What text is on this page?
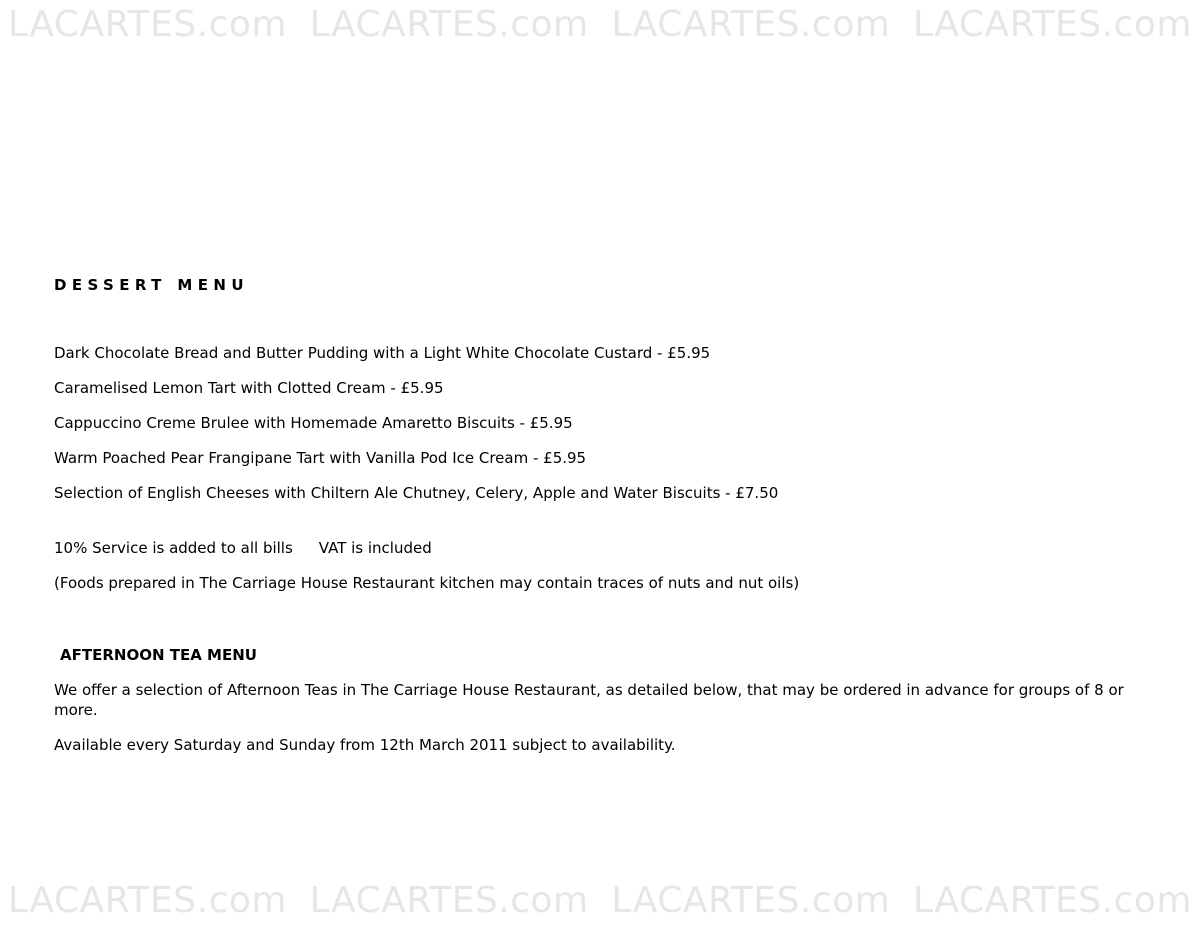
LACARTES.com LACARTES.com LACARTES.com LACARTES.com
DESSERT MENU
Dark Chocolate Bread and Butter Pudding with a Light White Chocolate Custard - £5.95
Caramelised Lemon Tart with Clotted Cream - £5.95
Cappuccino Creme Brulee with Homemade Amaretto Biscuits - £5.95
Warm Poached Pear Frangipane Tart with Vanilla Pod Ice Cream - £5.95
Selection of English Cheeses with Chiltern Ale Chutney, Celery, Apple and Water Biscuits - £7.50
10% Service is added to all bills VAT is included
(Foods prepared in The Carriage House Restaurant kitchen may contain traces of nuts and nut oils)
AFTERNOON TEA MENU
We offer a selection of Afternoon Teas in The Carriage House Restaurant, as detailed below, that may be ordered in advance for groups of 8 or more.
Available every Saturday and Sunday from 12th March 2011 subject to availability.
LACARTES.com LACARTES.com LACARTES.com LACARTES.com
